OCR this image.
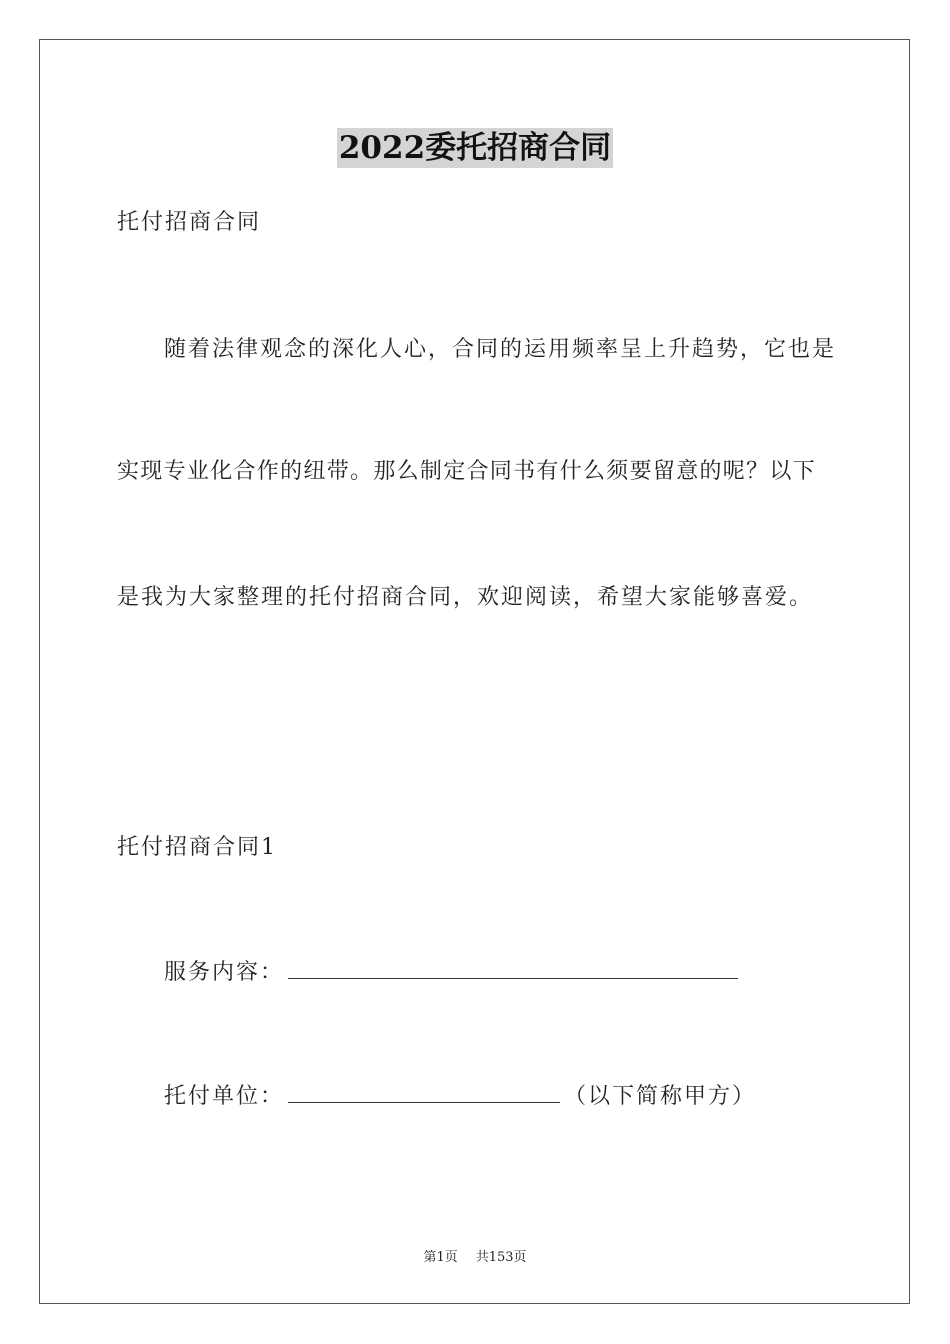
2022委托招商合同
托付招商合同
随着法律观念的深化人心，合同的运用频率呈上升趋势，它也是
实现专业化合作的纽带。那么制定合同书有什么须要留意的呢？以下
是我为大家整理的托付招商合同，欢迎阅读，希望大家能够喜爱。
托付招商合同1
服务内容：
托付单位：	（以下简称甲方）
第1页 共153页
